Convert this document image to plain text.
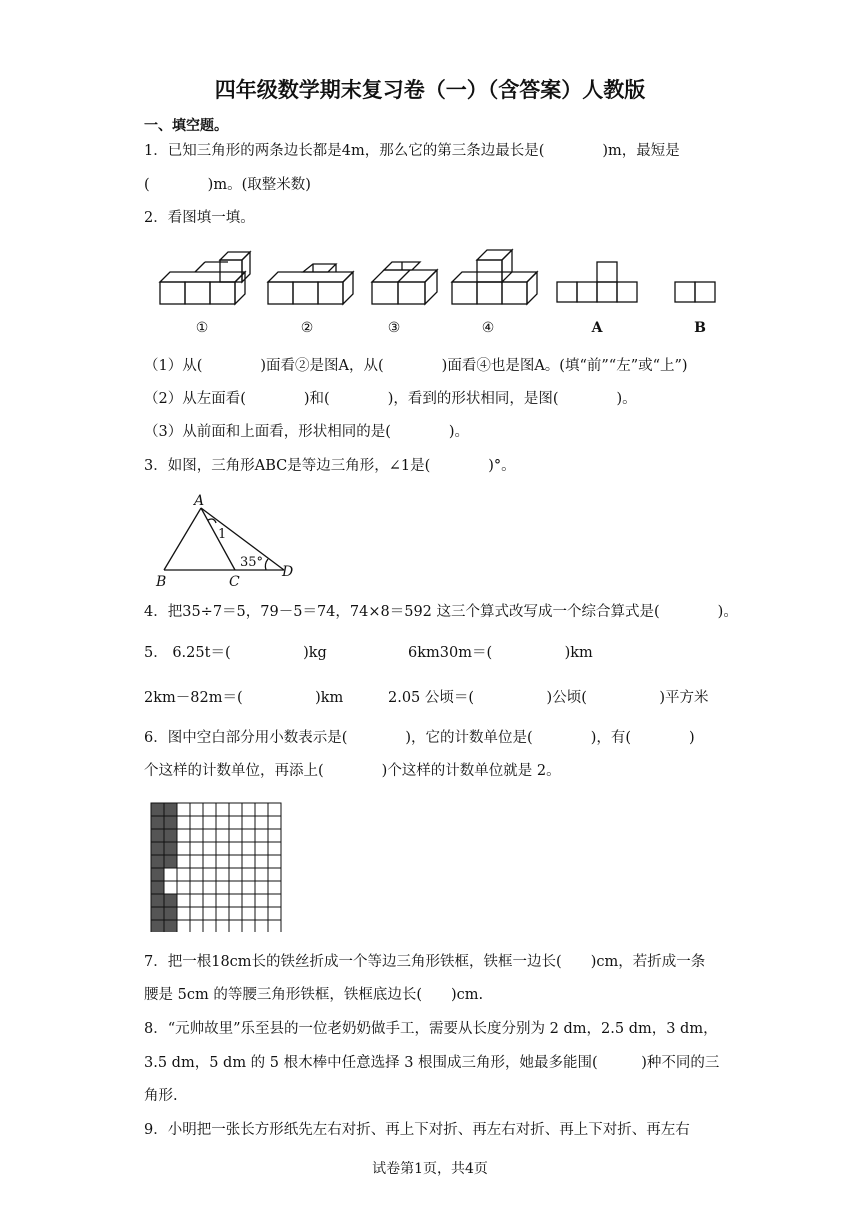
四年级数学期末复习卷（一）（含答案）人教版
一、填空题。
1．已知三角形的两条边长都是4m，那么它的第三条边最长是(　　　　)m，最短是
(　　　　)m。(取整米数)
2．看图填一填。
①	②	③	④	A	B
（1）从(　　　　)面看②是图A，从(　　　　)面看④也是图A。(填“前”“左”或“上”)
（2）从左面看(　　　　)和(　　　　)，看到的形状相同，是图(　　　　)。
（3）从前面和上面看，形状相同的是(　　　　)。
3．如图，三角形ABC是等边三角形，∠1是(　　　　)°。
A
B	C
D
1
35°
4．把35÷7＝5，79－5＝74，74×8＝592 这三个算式改写成一个综合算式是(　　　　)。
5． 6.25t＝(　　　　　)kg	6km30m＝(　　　　　)km
2km－82m＝(　　　　　)km	2.05 公顷＝(　　　　　)公顷(　　　　　)平方米
6．图中空白部分用小数表示是(　　　　)，它的计数单位是(　　　　)，有(　　　　)
个这样的计数单位，再添上(　　　　)个这样的计数单位就是 2。
7．把一根18cm长的铁丝折成一个等边三角形铁框，铁框一边长(　　)cm，若折成一条
腰是 5cm 的等腰三角形铁框，铁框底边长(　　)cm.
8．“元帅故里”乐至县的一位老奶奶做手工，需要从长度分别为 2 dm，2.5 dm，3 dm，
3.5 dm，5 dm 的 5 根木棒中任意选择 3 根围成三角形，她最多能围(　　　)种不同的三
角形.
9．小明把一张长方形纸先左右对折、再上下对折、再左右对折、再上下对折、再左右
试卷第1页，共4页
